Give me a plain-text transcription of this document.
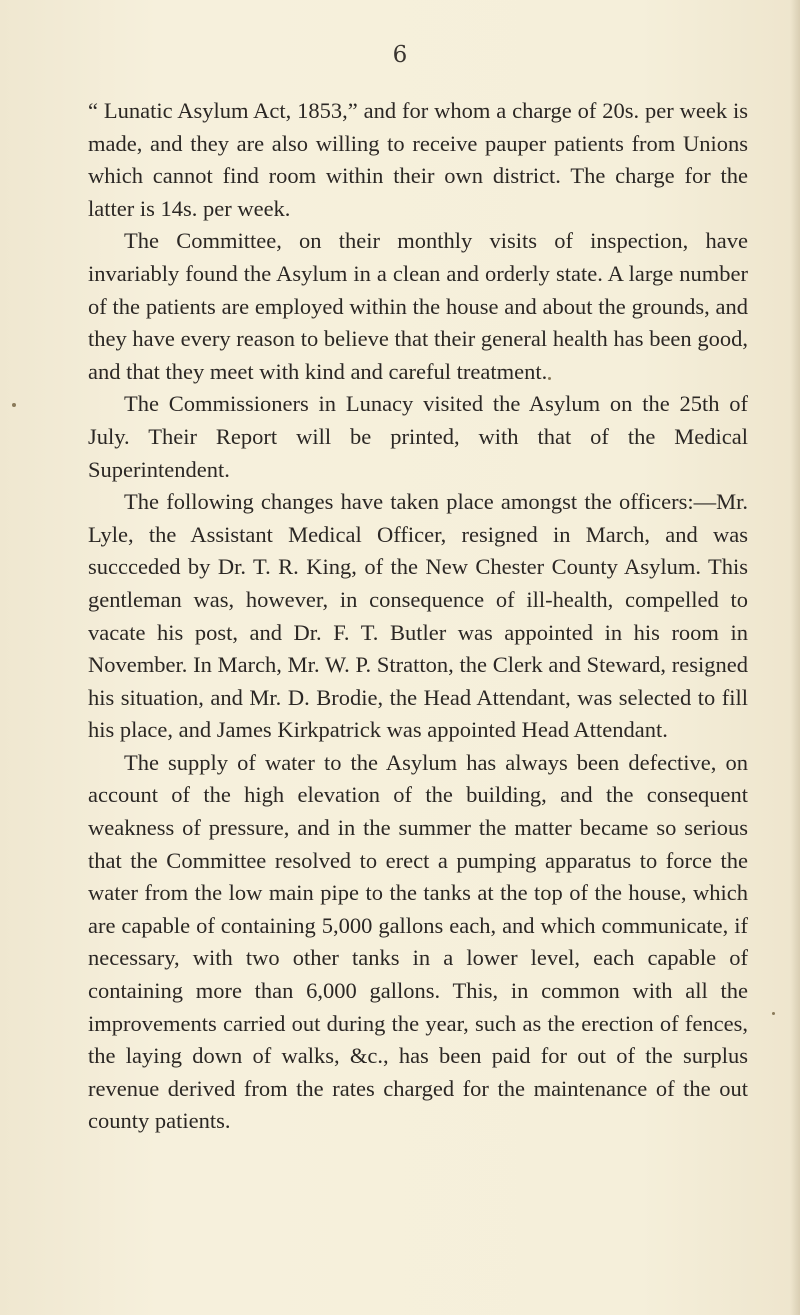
6

“ Lunatic Asylum Act, 1853,” and for whom a charge of 20s. per week is made, and they are also willing to receive pauper patients from Unions which cannot find room within their own district. The charge for the latter is 14s. per week.

The Committee, on their monthly visits of inspection, have invariably found the Asylum in a clean and orderly state. A large number of the patients are employed within the house and about the grounds, and they have every reason to believe that their general health has been good, and that they meet with kind and careful treatment.

The Commissioners in Lunacy visited the Asylum on the 25th of July. Their Report will be printed, with that of the Medical Superintendent.

The following changes have taken place amongst the officers:—Mr. Lyle, the Assistant Medical Officer, resigned in March, and was succceded by Dr. T. R. King, of the New Chester County Asylum. This gentleman was, however, in consequence of ill-health, compelled to vacate his post, and Dr. F. T. Butler was appointed in his room in November. In March, Mr. W. P. Stratton, the Clerk and Steward, resigned his situation, and Mr. D. Brodie, the Head Attendant, was selected to fill his place, and James Kirkpatrick was appointed Head Attendant.

The supply of water to the Asylum has always been defective, on account of the high elevation of the building, and the consequent weakness of pressure, and in the summer the matter became so serious that the Committee resolved to erect a pumping apparatus to force the water from the low main pipe to the tanks at the top of the house, which are capable of containing 5,000 gallons each, and which communicate, if necessary, with two other tanks in a lower level, each capable of containing more than 6,000 gallons. This, in common with all the improvements carried out during the year, such as the erection of fences, the laying down of walks, &c., has been paid for out of the surplus revenue derived from the rates charged for the maintenance of the out county patients.
